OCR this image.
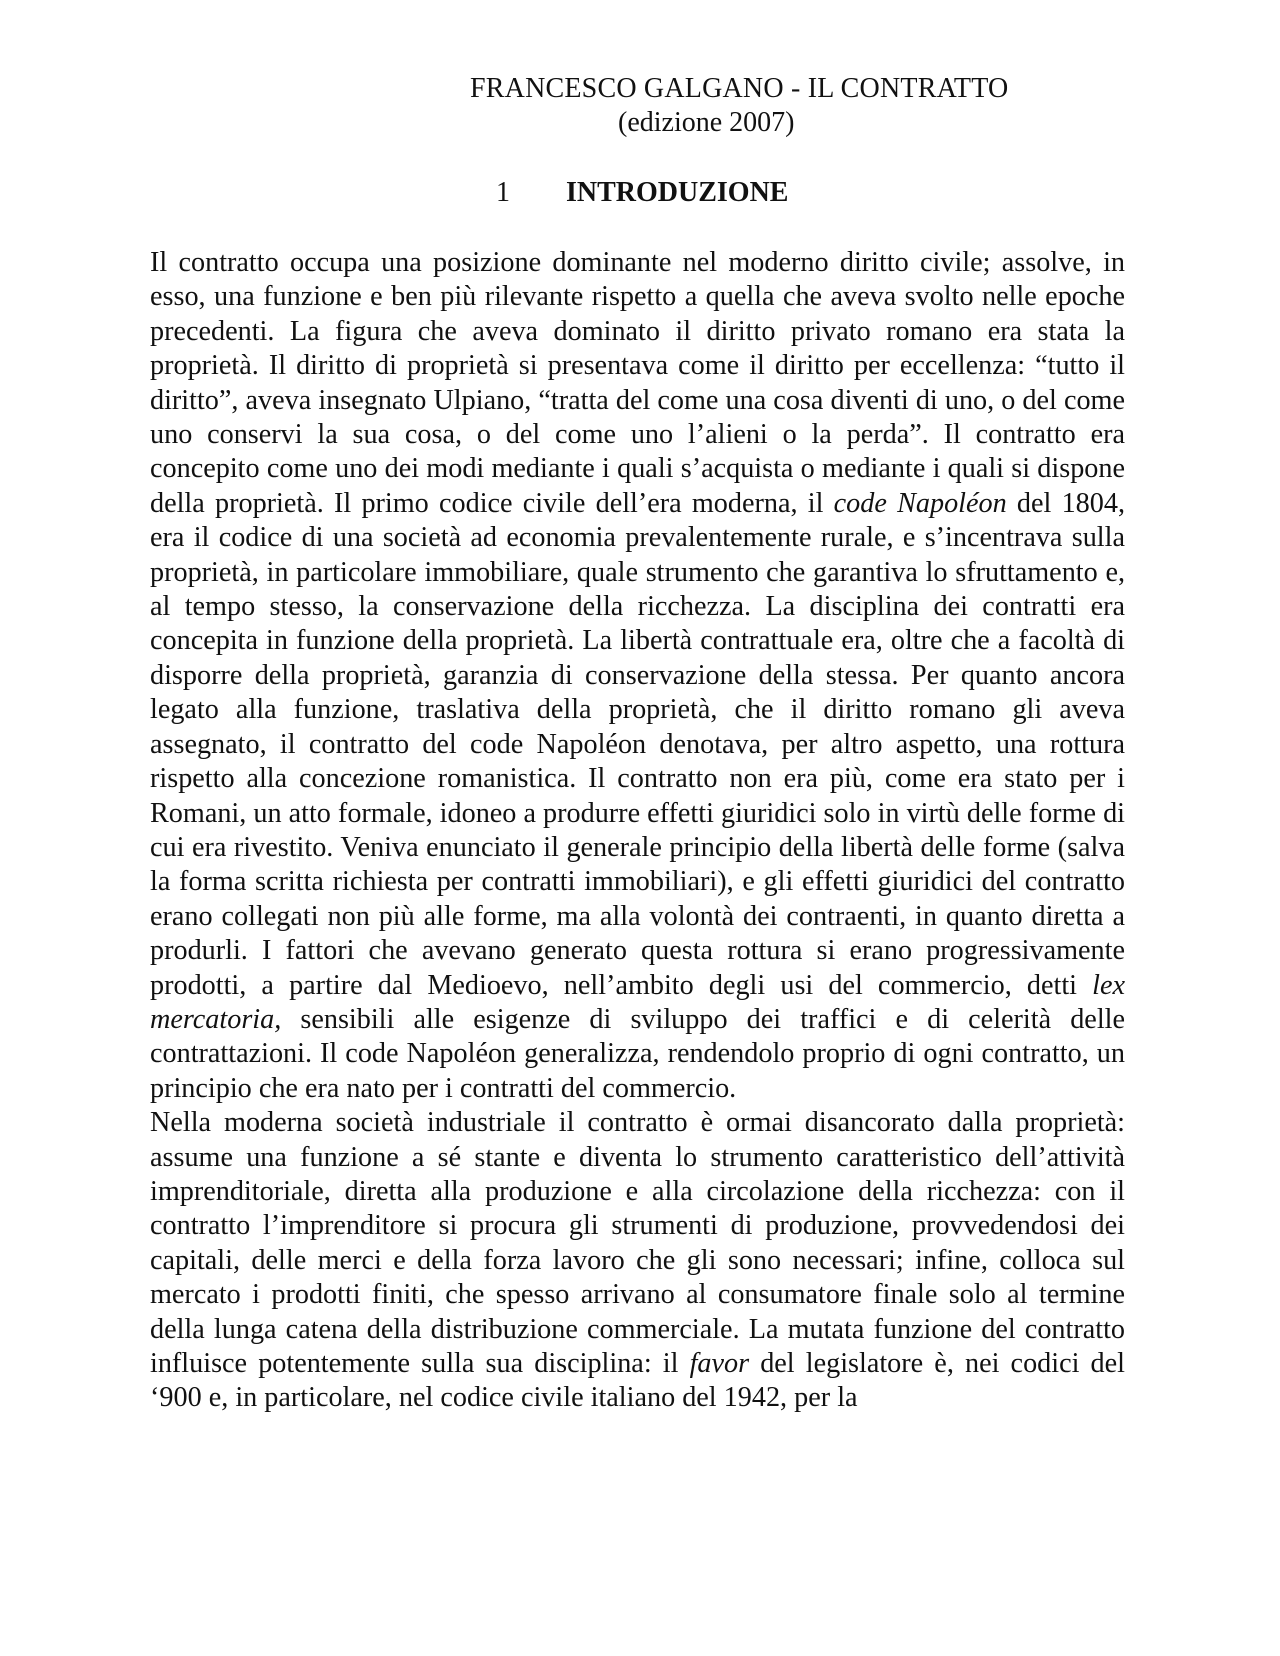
FRANCESCO GALGANO - IL CONTRATTO
(edizione 2007)
1 INTRODUZIONE

Il contratto occupa una posizione dominante nel moderno diritto civile; assolve, in esso, una funzione e ben più rilevante rispetto a quella che aveva svolto nelle epoche precedenti. La figura che aveva dominato il diritto privato romano era stata la proprietà. Il diritto di proprietà si presentava come il diritto per eccellenza: “tutto il diritto”, aveva insegnato Ulpiano, “tratta del come una cosa diventi di uno, o del come uno conservi la sua cosa, o del come uno l’alieni o la perda”. Il contratto era concepito come uno dei modi mediante i quali s’acquista o mediante i quali si dispone della proprietà. Il primo codice civile dell’era moderna, il code Napoléon del 1804, era il codice di una società ad economia prevalentemente rurale, e s’incentrava sulla proprietà, in particolare immobiliare, quale strumento che garantiva lo sfruttamento e, al tempo stesso, la conservazione della ricchezza. La disciplina dei contratti era concepita in funzione della proprietà. La libertà contrattuale era, oltre che a facoltà di disporre della proprietà, garanzia di conservazione della stessa. Per quanto ancora legato alla funzione, traslativa della proprietà, che il diritto romano gli aveva assegnato, il contratto del code Napoléon denotava, per altro aspetto, una rottura rispetto alla concezione romanistica. Il contratto non era più, come era stato per i Romani, un atto formale, idoneo a produrre effetti giuridici solo in virtù delle forme di cui era rivestito. Veniva enunciato il generale principio della libertà delle forme (salva la forma scritta richiesta per contratti immobiliari), e gli effetti giuridici del contratto erano collegati non più alle forme, ma alla volontà dei contraenti, in quanto diretta a produrli. I fattori che avevano generato questa rottura si erano progressivamente prodotti, a partire dal Medioevo, nell’ambito degli usi del commercio, detti lex mercatoria, sensibili alle esigenze di sviluppo dei traffici e di celerità delle contrattazioni. Il code Napoléon generalizza, rendendolo proprio di ogni contratto, un principio che era nato per i contratti del commercio.

Nella moderna società industriale il contratto è ormai disancorato dalla proprietà: assume una funzione a sé stante e diventa lo strumento caratteristico dell’attività imprenditoriale, diretta alla produzione e alla circolazione della ricchezza: con il contratto l’imprenditore si procura gli strumenti di produzione, provvedendosi dei capitali, delle merci e della forza lavoro che gli sono necessari; infine, colloca sul mercato i prodotti finiti, che spesso arrivano al consumatore finale solo al termine della lunga catena della distribuzione commerciale. La mutata funzione del contratto influisce potentemente sulla sua disciplina: il favor del legislatore è, nei codici del ‘900 e, in particolare, nel codice civile italiano del 1942, per la
